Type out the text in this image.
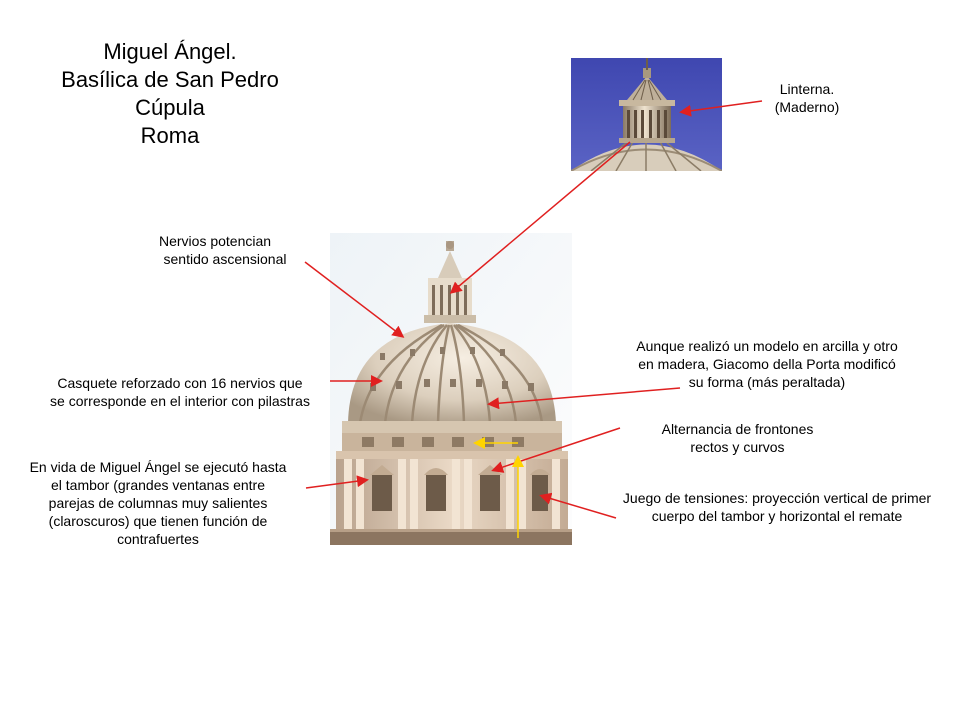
Miguel Ángel.
Basílica de San Pedro
Cúpula
Roma
Linterna.
(Maderno)
Nervios potencian
sentido ascensional
Casquete reforzado con 16 nervios que
se corresponde en el interior con pilastras
En vida de Miguel Ángel se ejecutó hasta
el tambor (grandes ventanas entre
parejas de columnas muy salientes
(claroscuros) que tienen función de
contrafuertes
Aunque realizó un modelo en arcilla y otro
en madera, Giacomo della Porta modificó
su forma (más peraltada)
Alternancia de frontones
rectos y curvos
Juego de tensiones: proyección vertical de primer
cuerpo del tambor y horizontal el remate
